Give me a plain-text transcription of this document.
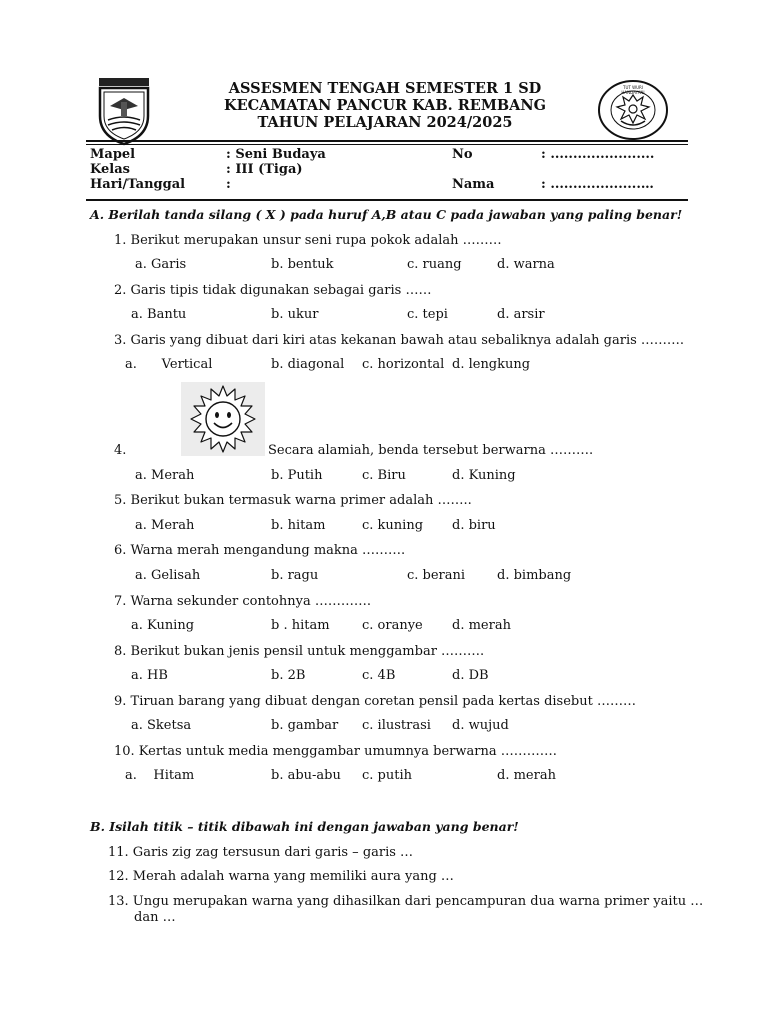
KABUPATEN REMBANG
ASSESMEN TENGAH SEMESTER 1 SD
KECAMATAN PANCUR KAB. REMBANG
TAHUN PELAJARAN 2024/2025
TUT WURI HANDAYANI
Mapel	: Seni Budaya	No	: .......................
Kelas	: III (Tiga)
Hari/Tanggal	:	Nama	: ....................…
A. Berilah tanda silang ( X ) pada huruf A,B atau C pada jawaban yang paling benar!
1. Berikut merupakan unsur seni rupa pokok adalah ………
a. Garis	b. bentuk	c. ruang	d. warna
2. Garis tipis tidak digunakan sebagai garis ……
a. Bantu	b. ukur	c. tepi	d. arsir
3. Garis yang dibuat dari kiri atas kekanan bawah atau sebaliknya adalah garis ……….
a.      Vertical	b. diagonal c. horizontal d. lengkung
4.	Secara alamiah, benda tersebut berwarna ……….
a. Merah	b. Putih	c. Biru	d. Kuning
5. Berikut bukan termasuk warna primer adalah ……..
a. Merah	b. hitam	c. kuning d. biru
6. Warna merah mengandung makna ……….
a. Gelisah	b. ragu	c. berani d. bimbang
7. Warna sekunder contohnya ………….
a. Kuning	b . hitam c. oranye d. merah
8. Berikut bukan jenis pensil untuk menggambar ……….
a. HB	b. 2B	c. 4B	d. DB
9. Tiruan barang yang dibuat dengan coretan pensil pada kertas disebut ………
a. Sketsa	b. gambar c. ilustrasi d. wujud
10. Kertas untuk media menggambar umumnya berwarna ………….
a.    Hitam	b. abu-abu c. putih	d. merah
B. Isilah titik – titik dibawah ini dengan jawaban yang benar!
11. Garis zig zag tersusun dari garis – garis …
12. Merah adalah warna yang memiliki aura yang …
13. Ungu merupakan warna yang dihasilkan dari pencampuran dua warna primer yaitu …
dan …
